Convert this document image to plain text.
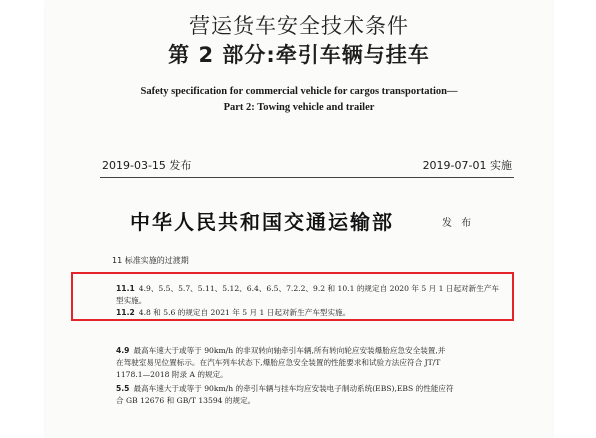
营运货车安全技术条件
第 2 部分:牵引车辆与挂车
Safety specification for commercial vehicle for cargos transportation—
Part 2: Towing vehicle and trailer
2019-03-15 发布	2019-07-01 实施
中华人民共和国交通运输部	发 布
11 标准实施的过渡期
11.1 4.9、5.5、5.7、5.11、5.12、6.4、6.5、7.2.2、9.2 和 10.1 的规定自 2020 年 5 月 1 日起对新生产车
型实施。
11.2 4.8 和 5.6 的规定自 2021 年 5 月 1 日起对新生产车型实施。
4.9 最高车速大于或等于 90km/h 的非双转向轴牵引车辆,所有转向轮应安装爆胎应急安全装置,并
在驾驶室易见位置标示。在汽车列车状态下,爆胎应急安全装置的性能要求和试验方法应符合 JT/T
1178.1—2018 附录 A 的规定。
5.5 最高车速大于或等于 90km/h 的牵引车辆与挂车均应安装电子制动系统(EBS),EBS 的性能应符
合 GB 12676 和 GB/T 13594 的规定。
